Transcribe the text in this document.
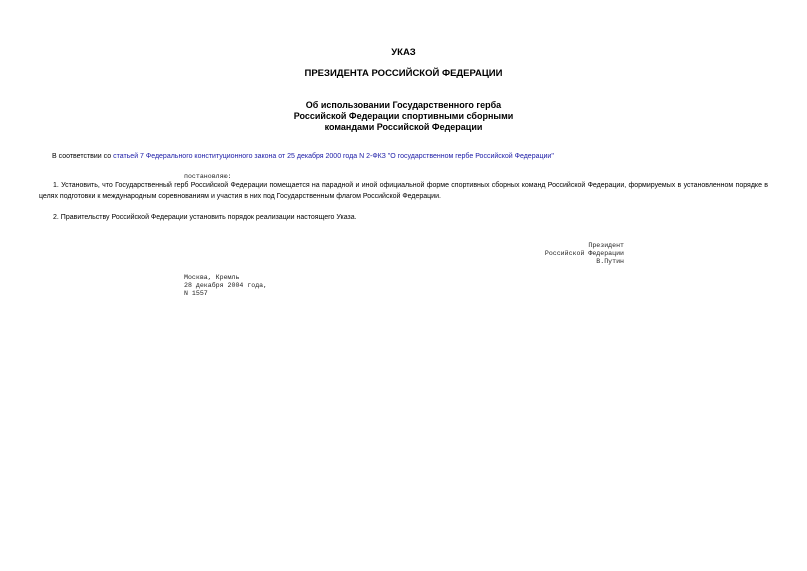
УКАЗ
ПРЕЗИДЕНТА РОССИЙСКОЙ ФЕДЕРАЦИИ
Об использовании Государственного герба
Российской Федерации спортивными сборными
командами Российской Федерации

В соответствии со статьей 7 Федерального конституционного закона от 25 декабря 2000 года N 2-ФКЗ "О государственном гербе Российской Федерации"

постановляю:

1. Установить, что Государственный герб Российской Федерации помещается на парадной и иной официальной форме спортивных сборных команд Российской Федерации, формируемых в установленном порядке в целях подготовки к международным соревнованиям и участия в них под Государственным флагом Российской Федерации.

2. Правительству Российской Федерации установить порядок реализации настоящего Указа.

Президент
Российской Федерации
В.Путин
Москва, Кремль
28 декабря 2004 года,
N 1557
